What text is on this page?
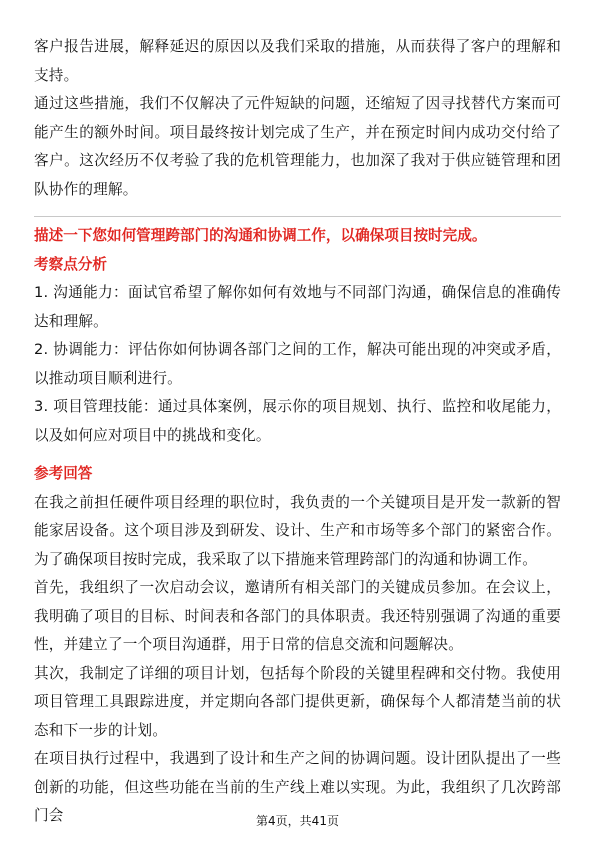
客户报告进展，解释延迟的原因以及我们采取的措施，从而获得了客户的理解和支持。

通过这些措施，我们不仅解决了元件短缺的问题，还缩短了因寻找替代方案而可能产生的额外时间。项目最终按计划完成了生产，并在预定时间内成功交付给了客户。这次经历不仅考验了我的危机管理能力，也加深了我对于供应链管理和团队协作的理解。

描述一下您如何管理跨部门的沟通和协调工作，以确保项目按时完成。

考察点分析

1. 沟通能力：面试官希望了解你如何有效地与不同部门沟通，确保信息的准确传达和理解。

2. 协调能力：评估你如何协调各部门之间的工作，解决可能出现的冲突或矛盾，以推动项目顺利进行。

3. 项目管理技能：通过具体案例，展示你的项目规划、执行、监控和收尾能力，以及如何应对项目中的挑战和变化。

参考回答

在我之前担任硬件项目经理的职位时，我负责的一个关键项目是开发一款新的智能家居设备。这个项目涉及到研发、设计、生产和市场等多个部门的紧密合作。为了确保项目按时完成，我采取了以下措施来管理跨部门的沟通和协调工作。

首先，我组织了一次启动会议，邀请所有相关部门的关键成员参加。在会议上，我明确了项目的目标、时间表和各部门的具体职责。我还特别强调了沟通的重要性，并建立了一个项目沟通群，用于日常的信息交流和问题解决。

其次，我制定了详细的项目计划，包括每个阶段的关键里程碑和交付物。我使用项目管理工具跟踪进度，并定期向各部门提供更新，确保每个人都清楚当前的状态和下一步的计划。

在项目执行过程中，我遇到了设计和生产之间的协调问题。设计团队提出了一些创新的功能，但这些功能在当前的生产线上难以实现。为此，我组织了几次跨部门会	第4页，共41页
